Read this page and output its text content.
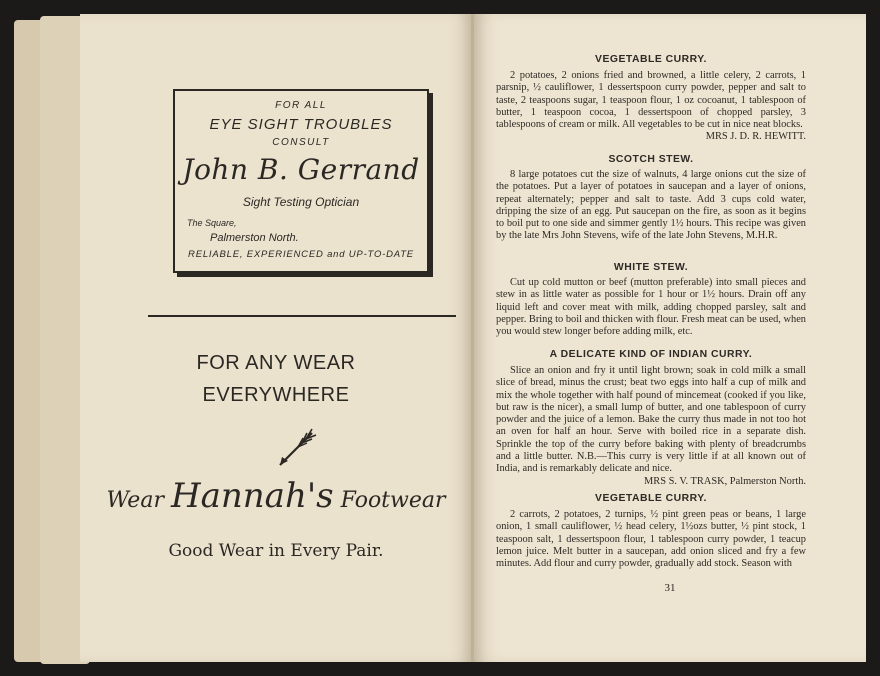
FOR ALL
EYE SIGHT TROUBLES
CONSULT
John B. Gerrand
Sight Testing Optician
The Square,
Palmerston North.
RELIABLE, EXPERIENCED and UP-TO-DATE
FOR ANY WEAR
EVERYWHERE
Wear Hannah's Footwear
Good Wear in Every Pair.
VEGETABLE CURRY.

2 potatoes, 2 onions fried and browned, a little celery, 2 carrots, 1 parsnip, ½ cauliflower, 1 dessertspoon curry powder, pepper and salt to taste, 2 teaspoons sugar, 1 teaspoon flour, 1 oz cocoanut, 1 tablespoon of butter, 1 teaspoon cocoa, 1 dessertspoon of chopped parsley, 3 tablespoons of cream or milk. All vegetables to be cut in nice neat blocks.

MRS J. D. R. HEWITT.

SCOTCH STEW.

8 large potatoes cut the size of walnuts, 4 large onions cut the size of the potatoes. Put a layer of potatoes in saucepan and a layer of onions, repeat alternately; pepper and salt to taste. Add 3 cups cold water, dripping the size of an egg. Put saucepan on the fire, as soon as it begins to boil put to one side and simmer gently 1½ hours. This recipe was given by the late Mrs John Stevens, wife of the late John Stevens, M.H.R.

WHITE STEW.

Cut up cold mutton or beef (mutton preferable) into small pieces and stew in as little water as possible for 1 hour or 1½ hours. Drain off any liquid left and cover meat with milk, adding chopped parsley, salt and pepper. Bring to boil and thicken with flour. Fresh meat can be used, when you would stew longer before adding milk, etc.

A DELICATE KIND OF INDIAN CURRY.

Slice an onion and fry it until light brown; soak in cold milk a small slice of bread, minus the crust; beat two eggs into half a cup of milk and mix the whole together with half pound of mincemeat (cooked if you like, but raw is the nicer), a small lump of butter, and one tablespoon of curry powder and the juice of a lemon. Bake the curry thus made in not too hot an oven for half an hour. Serve with boiled rice in a separate dish. Sprinkle the top of the curry before baking with plenty of breadcrumbs and a little butter. N.B.—This curry is very little if at all known out of India, and is remarkably delicate and nice.

MRS S. V. TRASK, Palmerston North.

VEGETABLE CURRY.

2 carrots, 2 potatoes, 2 turnips, ½ pint green peas or beans, 1 large onion, 1 small cauliflower, ½ head celery, 1½ozs butter, ½ pint stock, 1 teaspoon salt, 1 dessertspoon flour, 1 tablespoon curry powder, 1 teacup lemon juice. Melt butter in a saucepan, add onion sliced and fry a few minutes. Add flour and curry powder, gradually add stock. Season with

31
